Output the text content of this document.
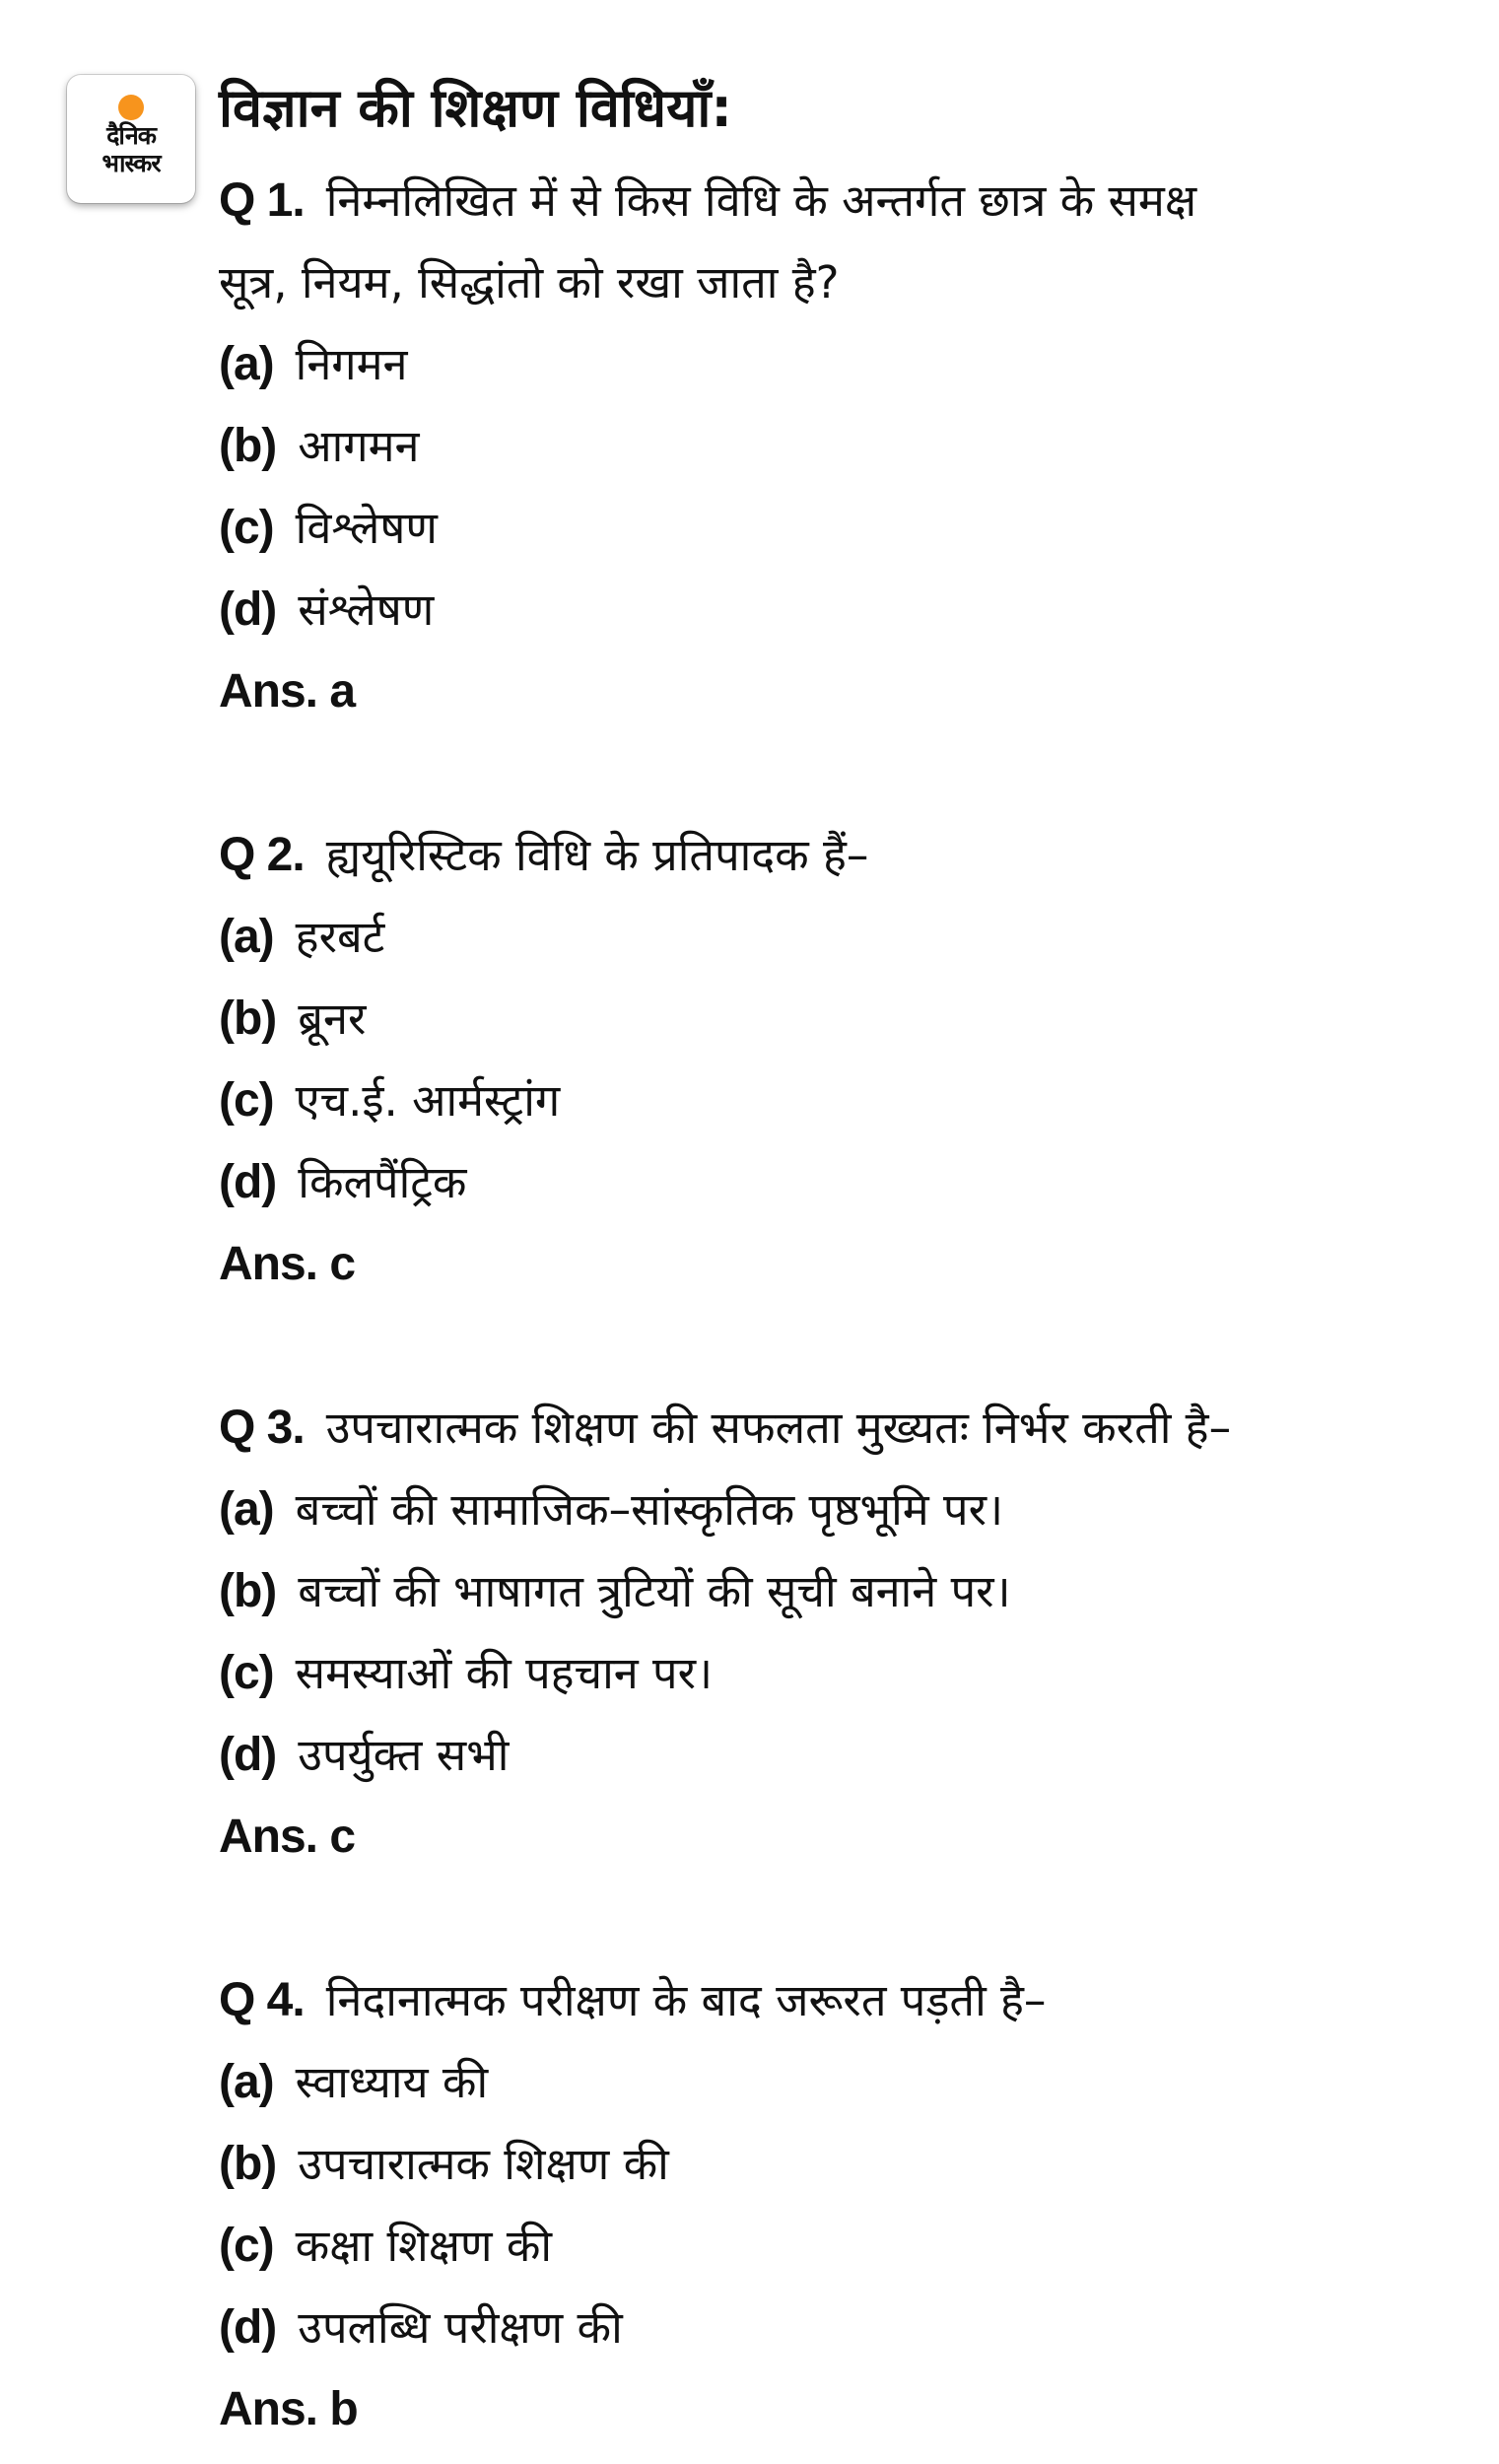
दैनिक
भास्कर
विज्ञान की शिक्षण विधियाँ:
Q 1. निम्नलिखित में से किस विधि के अन्तर्गत छात्र के समक्ष
सूत्र, नियम, सिद्धांतो को रखा जाता है?
(a) निगमन
(b) आगमन
(c) विश्लेषण
(d) संश्लेषण
Ans. a
Q 2. ह्ययूरिस्टिक विधि के प्रतिपादक हैं–
(a) हरबर्ट
(b) ब्रूनर
(c) एच.ई. आर्मस्ट्रांग
(d) किलपैंट्रिक
Ans. c
Q 3. उपचारात्मक शिक्षण की सफलता मुख्यतः निर्भर करती है–
(a) बच्चों की सामाजिक–सांस्कृतिक पृष्ठभूमि पर।
(b) बच्चों की भाषागत त्रुटियों की सूची बनाने पर।
(c) समस्याओं की पहचान पर।
(d) उपर्युक्त सभी
Ans. c
Q 4. निदानात्मक परीक्षण के बाद जरूरत पड़ती है–
(a) स्वाध्याय की
(b) उपचारात्मक शिक्षण की
(c) कक्षा शिक्षण की
(d) उपलब्धि परीक्षण की
Ans. b
